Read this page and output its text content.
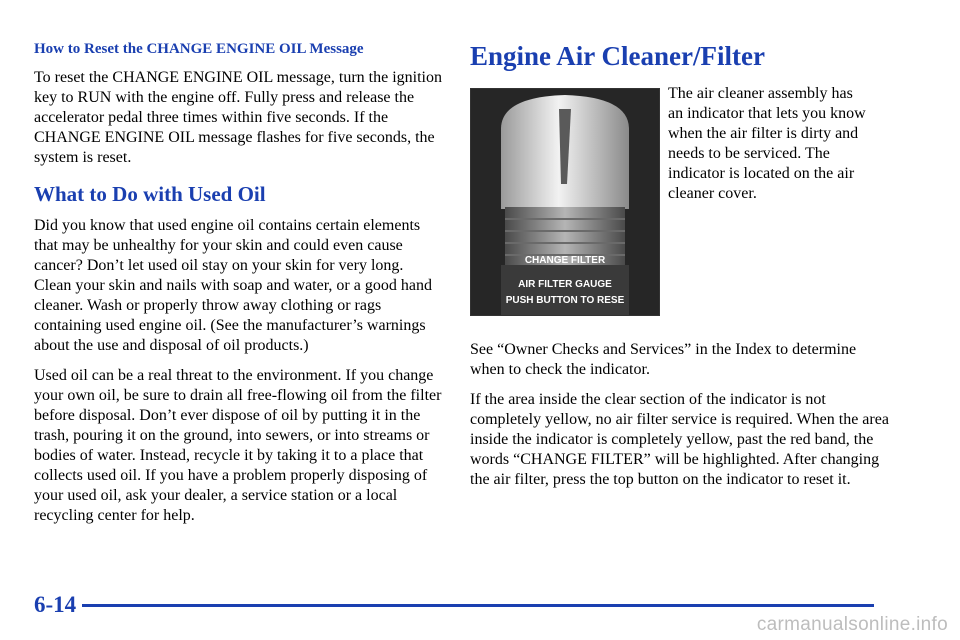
How to Reset the CHANGE ENGINE OIL Message

To reset the CHANGE ENGINE OIL message, turn the ignition key to RUN with the engine off. Fully press and release the accelerator pedal three times within five seconds. If the CHANGE ENGINE OIL message flashes for five seconds, the system is reset.

What to Do with Used Oil

Did you know that used engine oil contains certain elements that may be unhealthy for your skin and could even cause cancer? Don’t let used oil stay on your skin for very long. Clean your skin and nails with soap and water, or a good hand cleaner. Wash or properly throw away clothing or rags containing used engine oil. (See the manufacturer’s warnings about the use and disposal of oil products.)

Used oil can be a real threat to the environment. If you change your own oil, be sure to drain all free-flowing oil from the filter before disposal. Don’t ever dispose of oil by putting it in the trash, pouring it on the ground, into sewers, or into streams or bodies of water. Instead, recycle it by taking it to a place that collects used oil. If you have a problem properly disposing of your used oil, ask your dealer, a service station or a local recycling center for help.

Engine Air Cleaner/Filter
CHANGE FILTER
AIR FILTER GAUGE
PUSH BUTTON TO RESE

The air cleaner assembly has an indicator that lets you know when the air filter is dirty and needs to be serviced. The indicator is located on the air cleaner cover.

See “Owner Checks and Services” in the Index to determine when to check the indicator.

If the area inside the clear section of the indicator is not completely yellow, no air filter service is required. When the area inside the indicator is completely yellow, past the red band, the words “CHANGE FILTER” will be highlighted. After changing the air filter, press the top button on the indicator to reset it.

6-14
carmanualsonline.info
